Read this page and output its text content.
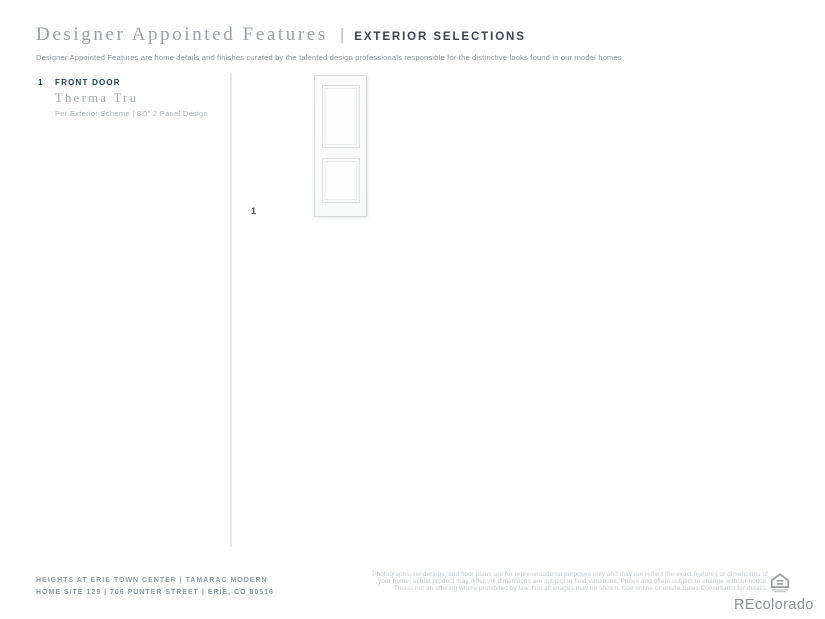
Designer Appointed Features | EXTERIOR SELECTIONS

Designer Appointed Features are home details and finishes curated by the talented design professionals responsible for the distinctive looks found in our model homes.

1	FRONT DOOR
Therma Tru
Per Exterior Scheme | 8'0" 2 Panel Design
1
HEIGHTS AT ERIE TOWN CENTER | TAMARAC MODERN
HOME SITE 129 | 706 PUNTER STREET | ERIE, CO 80516
Photographs, renderings, and floor plans are for representational purposes only and may not reflect the exact features or dimensions of
your home; actual product may differ. All dimensions are subject to field variations. Prices and offers subject to change without notice.
This is not an offering where prohibited by law. Not all images may be shown. See online or onsite Sales Consultants for details.
REcolorado
